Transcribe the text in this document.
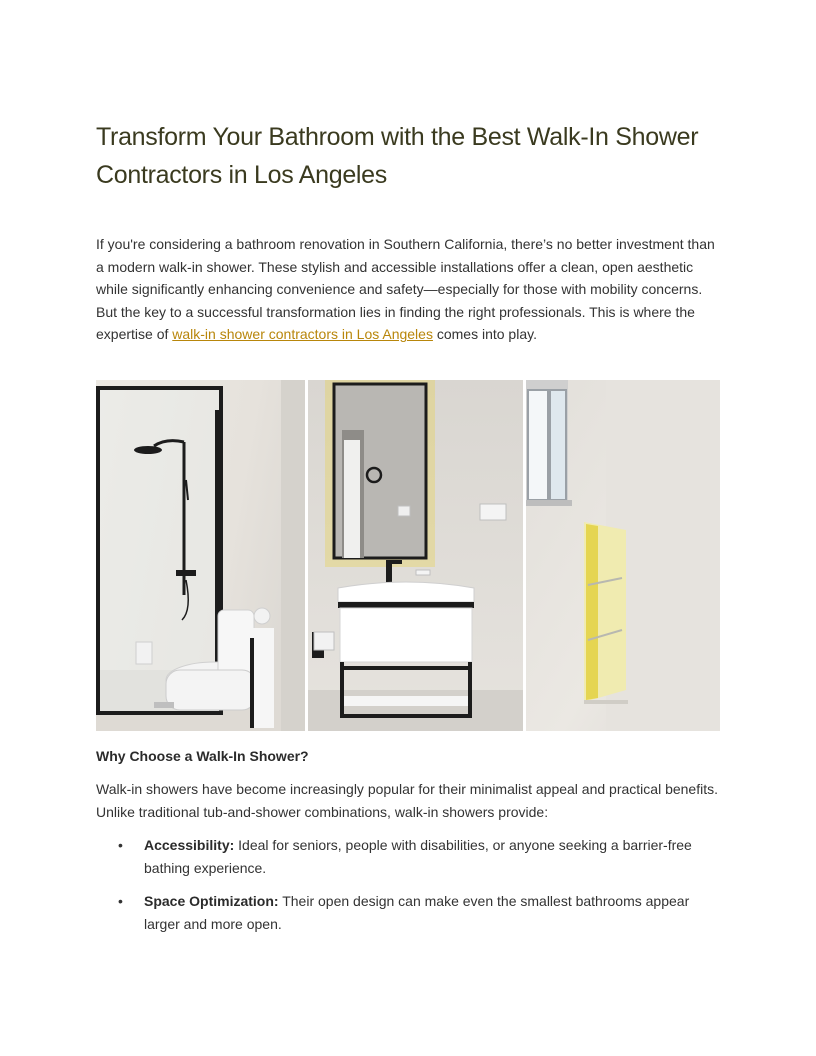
Transform Your Bathroom with the Best Walk-In Shower Contractors in Los Angeles

If you're considering a bathroom renovation in Southern California, there’s no better investment than a modern walk-in shower. These stylish and accessible installations offer a clean, open aesthetic while significantly enhancing convenience and safety—especially for those with mobility concerns. But the key to a successful transformation lies in finding the right professionals. This is where the expertise of walk-in shower contractors in Los Angeles comes into play.

Why Choose a Walk-In Shower?

Walk-in showers have become increasingly popular for their minimalist appeal and practical benefits. Unlike traditional tub-and-shower combinations, walk-in showers provide:

• Accessibility: Ideal for seniors, people with disabilities, or anyone seeking a barrier-free bathing experience.
• Space Optimization: Their open design can make even the smallest bathrooms appear larger and more open.
